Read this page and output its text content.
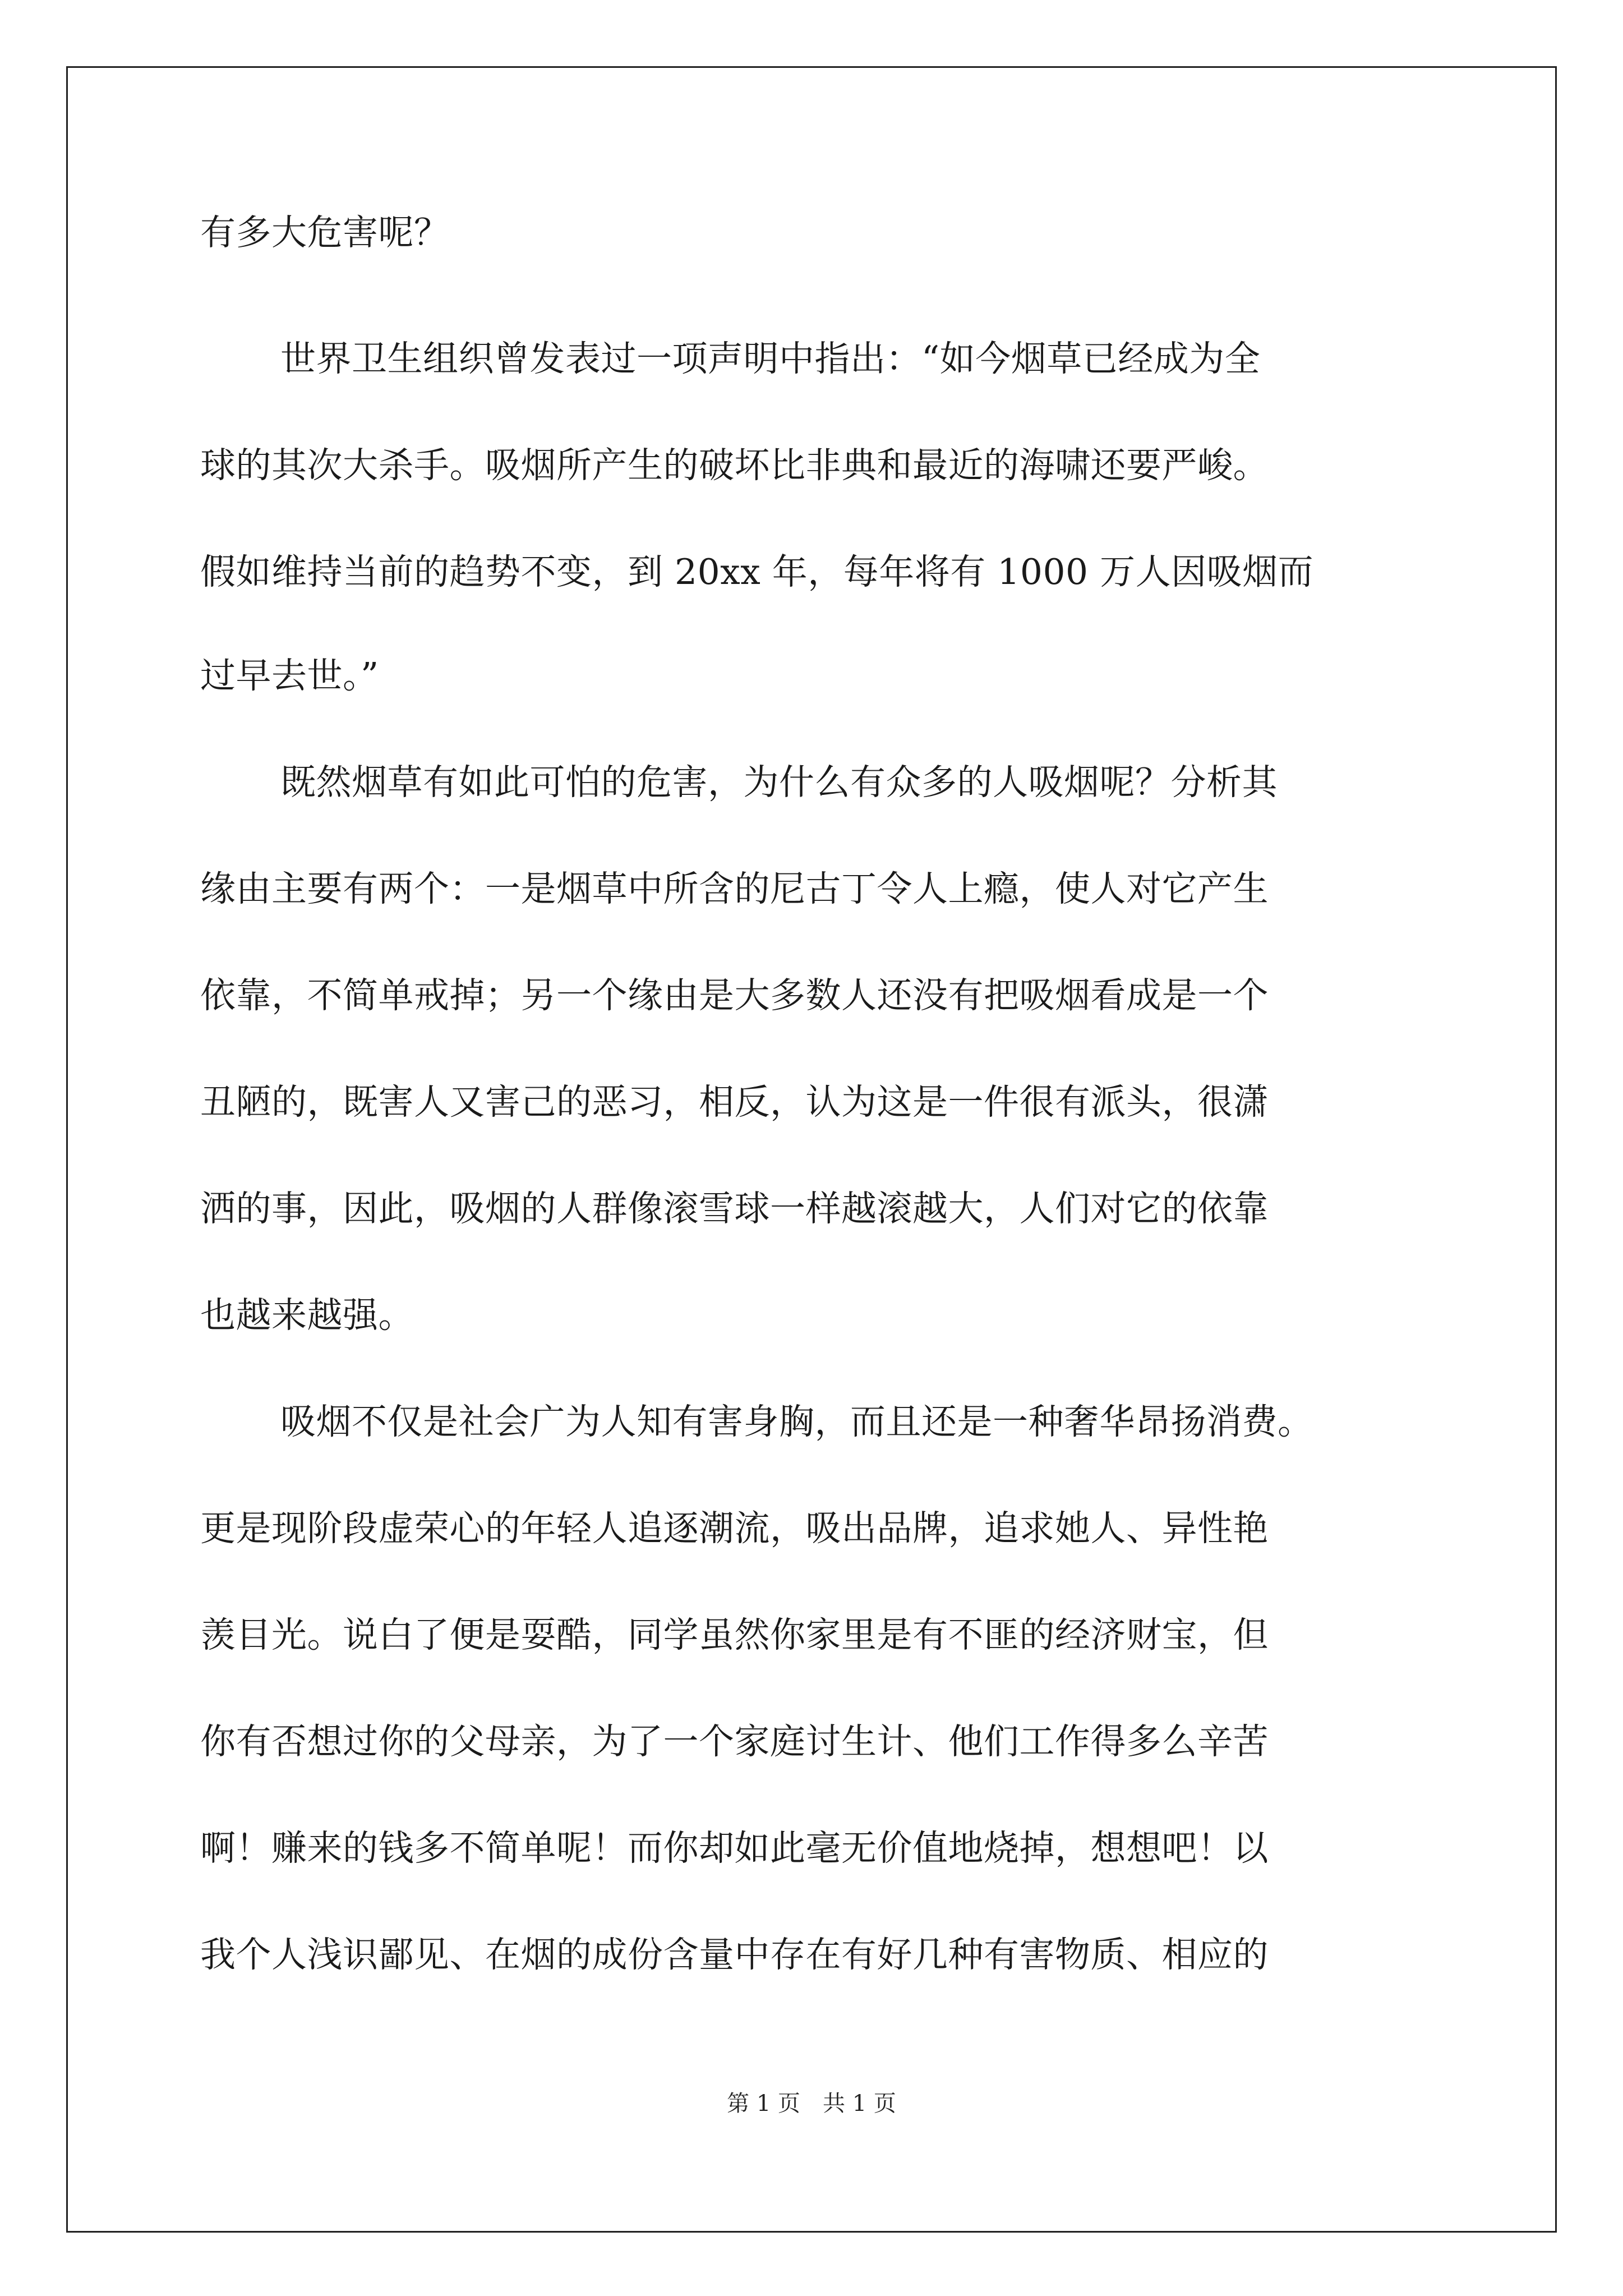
有多大危害呢？
世界卫生组织曾发表过一项声明中指出：“如今烟草已经成为全
球的其次大杀手。吸烟所产生的破坏比非典和最近的海啸还要严峻。
假如维持当前的趋势不变，到 20xx 年，每年将有 1000 万人因吸烟而
过早去世。”
既然烟草有如此可怕的危害，为什么有众多的人吸烟呢？分析其
缘由主要有两个：一是烟草中所含的尼古丁令人上瘾，使人对它产生
依靠，不简单戒掉；另一个缘由是大多数人还没有把吸烟看成是一个
丑陋的，既害人又害己的恶习，相反，认为这是一件很有派头，很潇
洒的事，因此，吸烟的人群像滚雪球一样越滚越大，人们对它的依靠
也越来越强。
吸烟不仅是社会广为人知有害身胸，而且还是一种奢华昂扬消费。
更是现阶段虚荣心的年轻人追逐潮流，吸出品牌，追求她人、异性艳
羡目光。说白了便是耍酷，同学虽然你家里是有不匪的经济财宝，但
你有否想过你的父母亲，为了一个家庭讨生计、他们工作得多么辛苦
啊！赚来的钱多不简单呢！而你却如此毫无价值地烧掉，想想吧！以
我个人浅识鄙见、在烟的成份含量中存在有好几种有害物质、相应的
第 1 页　共 1 页
